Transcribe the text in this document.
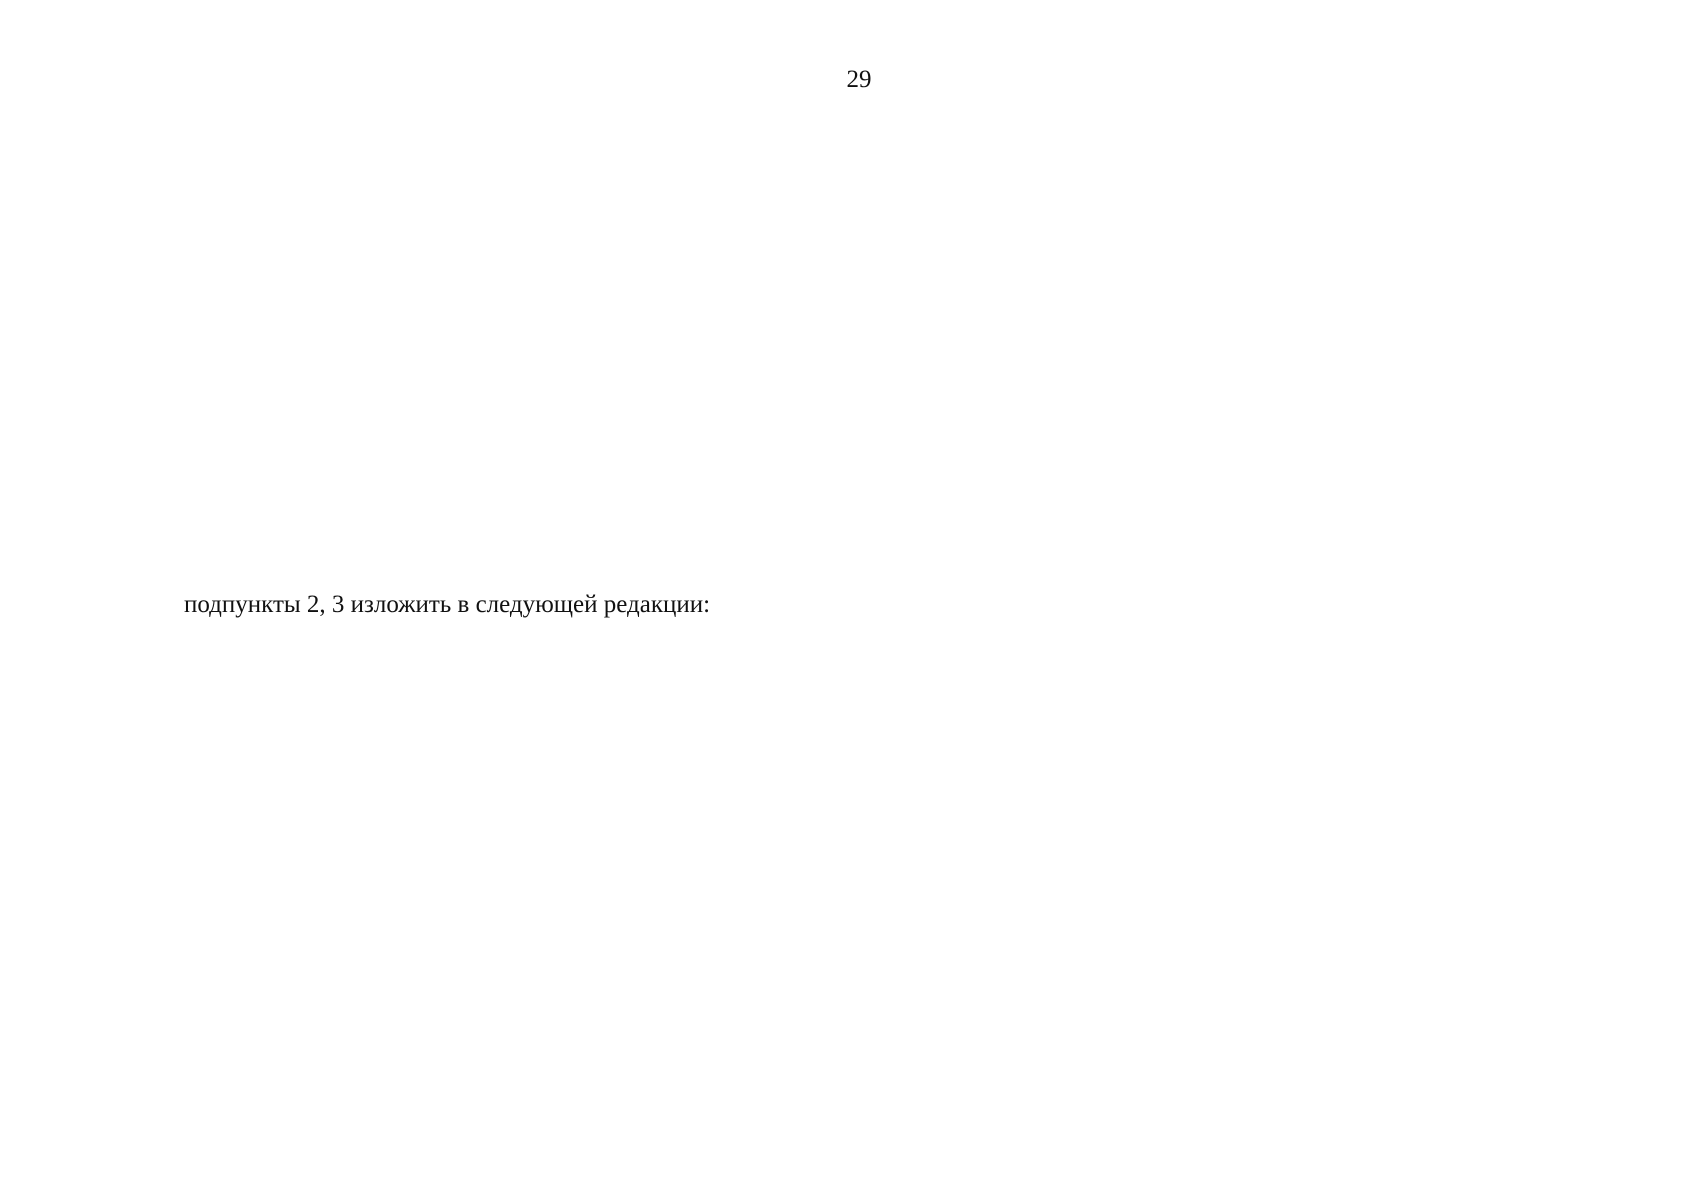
29
подпункты 2, 3 изложить в следующей редакции:
